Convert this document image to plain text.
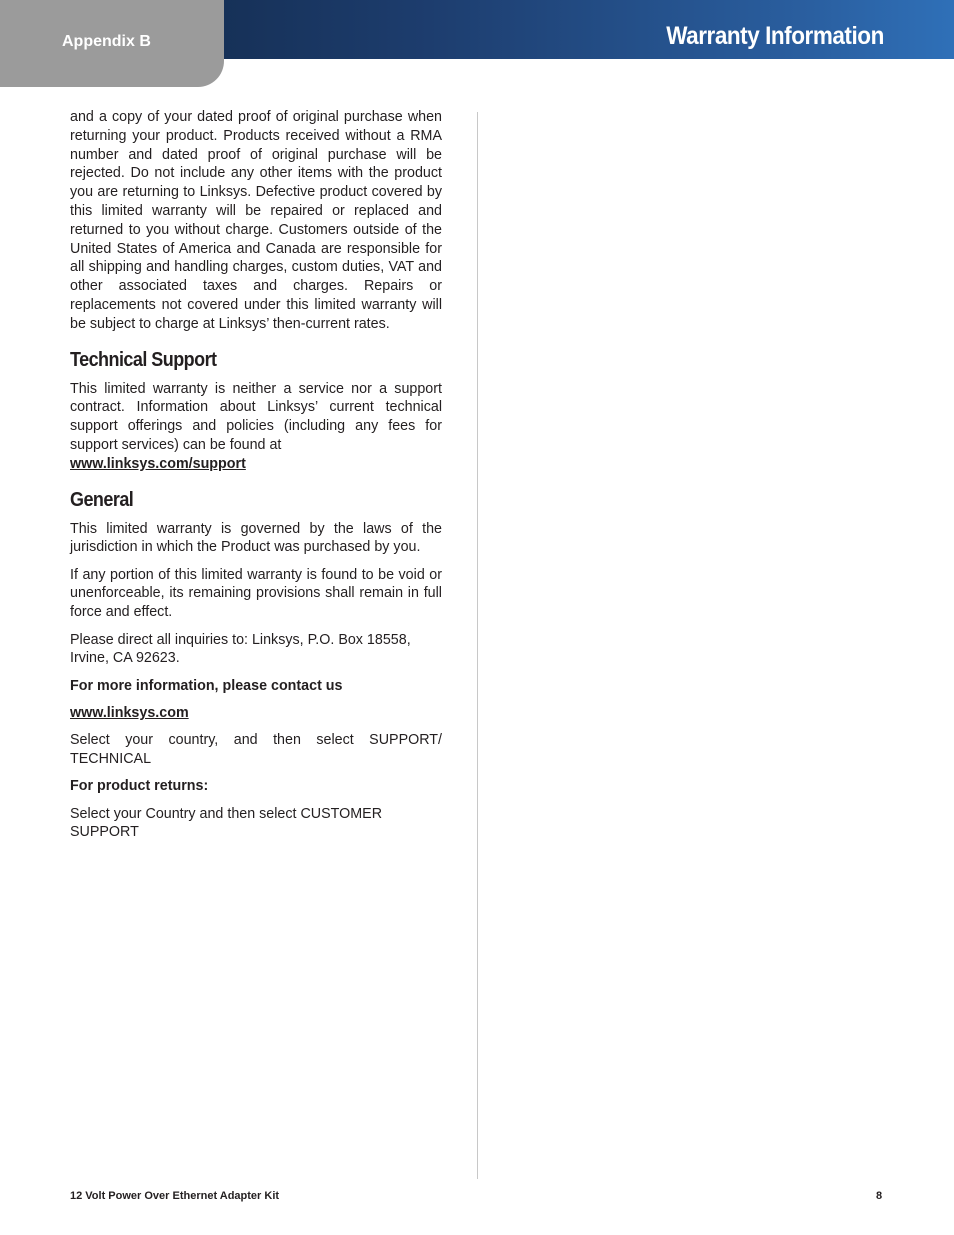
Warranty Information
Appendix B

and a copy of your dated proof of original purchase when returning your product. Products received without a RMA number and dated proof of original purchase will be rejected. Do not include any other items with the product you are returning to Linksys. Defective product covered by this limited warranty will be repaired or replaced and returned to you without charge. Customers outside of the United States of America and Canada are responsible for all shipping and handling charges, custom duties, VAT and other associated taxes and charges. Repairs or replacements not covered under this limited warranty will be subject to charge at Linksys’ then-current rates.

Technical Support

This limited warranty is neither a service nor a support contract. Information about Linksys’ current technical support offerings and policies (including any fees for support services) can be found at
www.linksys.com/support

General

This limited warranty is governed by the laws of the jurisdiction in which the Product was purchased by you.

If any portion of this limited warranty is found to be void or unenforceable, its remaining provisions shall remain in full force and effect.

Please direct all inquiries to: Linksys, P.O. Box 18558, Irvine, CA 92623.

For more information, please contact us

www.linksys.com

Select your country, and then select SUPPORT/ TECHNICAL

For product returns:

Select your Country and then select CUSTOMER SUPPORT

12 Volt Power Over Ethernet Adapter Kit	8
